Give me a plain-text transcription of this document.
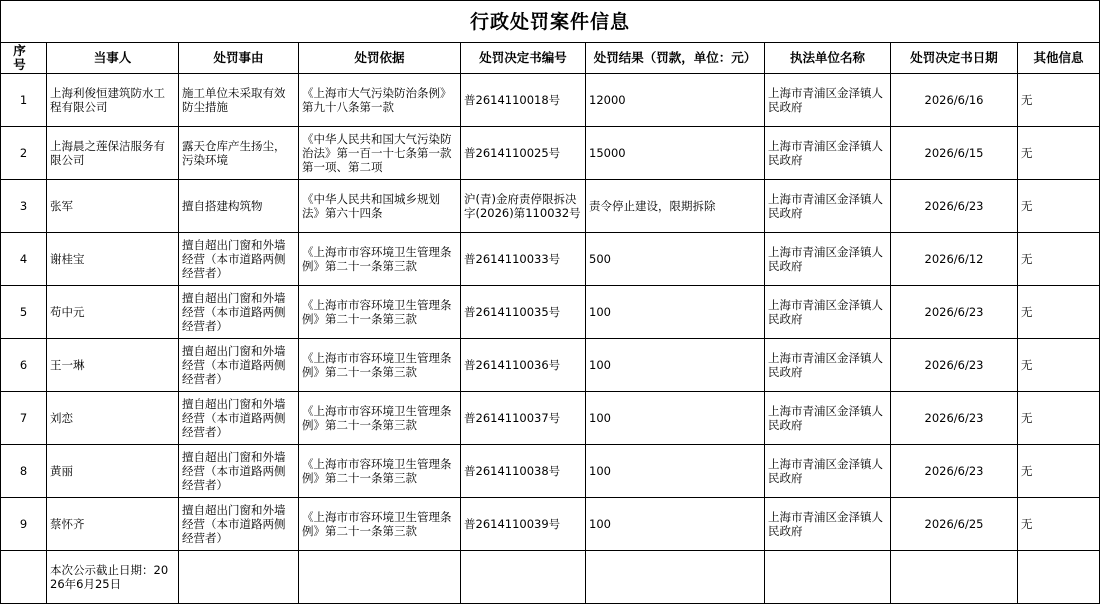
行政处罚案件信息								
序 号	当事人	处罚事由	处罚依据	处罚决定书编号	处罚结果（罚款，单位：元）	执法单位名称	处罚决定书日期	其他信息
1	上海利俊恒建筑防水工程有限公司	施工单位未采取有效防尘措施	《上海市大气污染防治条例》第九十八条第一款	普2614110018号	12000	上海市青浦区金泽镇人民政府	2026/6/16	无
2	上海晨之莲保洁服务有限公司	露天仓库产生扬尘，污染环境	《中华人民共和国大气污染防治法》第一百一十七条第一款第一项、第二项	普2614110025号	15000	上海市青浦区金泽镇人民政府	2026/6/15	无
3	张军	擅自搭建构筑物	《中华人民共和国城乡规划法》第六十四条	沪(青)金府责停限拆决字(2026)第110032号	责令停止建设，限期拆除	上海市青浦区金泽镇人民政府	2026/6/23	无
4	谢桂宝	擅自超出门窗和外墙经营（本市道路两侧经营者）	《上海市市容环境卫生管理条例》第二十一条第三款	普2614110033号	500	上海市青浦区金泽镇人民政府	2026/6/12	无
5	苟中元	擅自超出门窗和外墙经营（本市道路两侧经营者）	《上海市市容环境卫生管理条例》第二十一条第三款	普2614110035号	100	上海市青浦区金泽镇人民政府	2026/6/23	无
6	王一琳	擅自超出门窗和外墙经营（本市道路两侧经营者）	《上海市市容环境卫生管理条例》第二十一条第三款	普2614110036号	100	上海市青浦区金泽镇人民政府	2026/6/23	无
7	刘恋	擅自超出门窗和外墙经营（本市道路两侧经营者）	《上海市市容环境卫生管理条例》第二十一条第三款	普2614110037号	100	上海市青浦区金泽镇人民政府	2026/6/23	无
8	黄丽	擅自超出门窗和外墙经营（本市道路两侧经营者）	《上海市市容环境卫生管理条例》第二十一条第三款	普2614110038号	100	上海市青浦区金泽镇人民政府	2026/6/23	无
9	蔡怀齐	擅自超出门窗和外墙经营（本市道路两侧经营者）	《上海市市容环境卫生管理条例》第二十一条第三款	普2614110039号	100	上海市青浦区金泽镇人民政府	2026/6/25	无
	本次公示截止日期：2026年6月25日							
